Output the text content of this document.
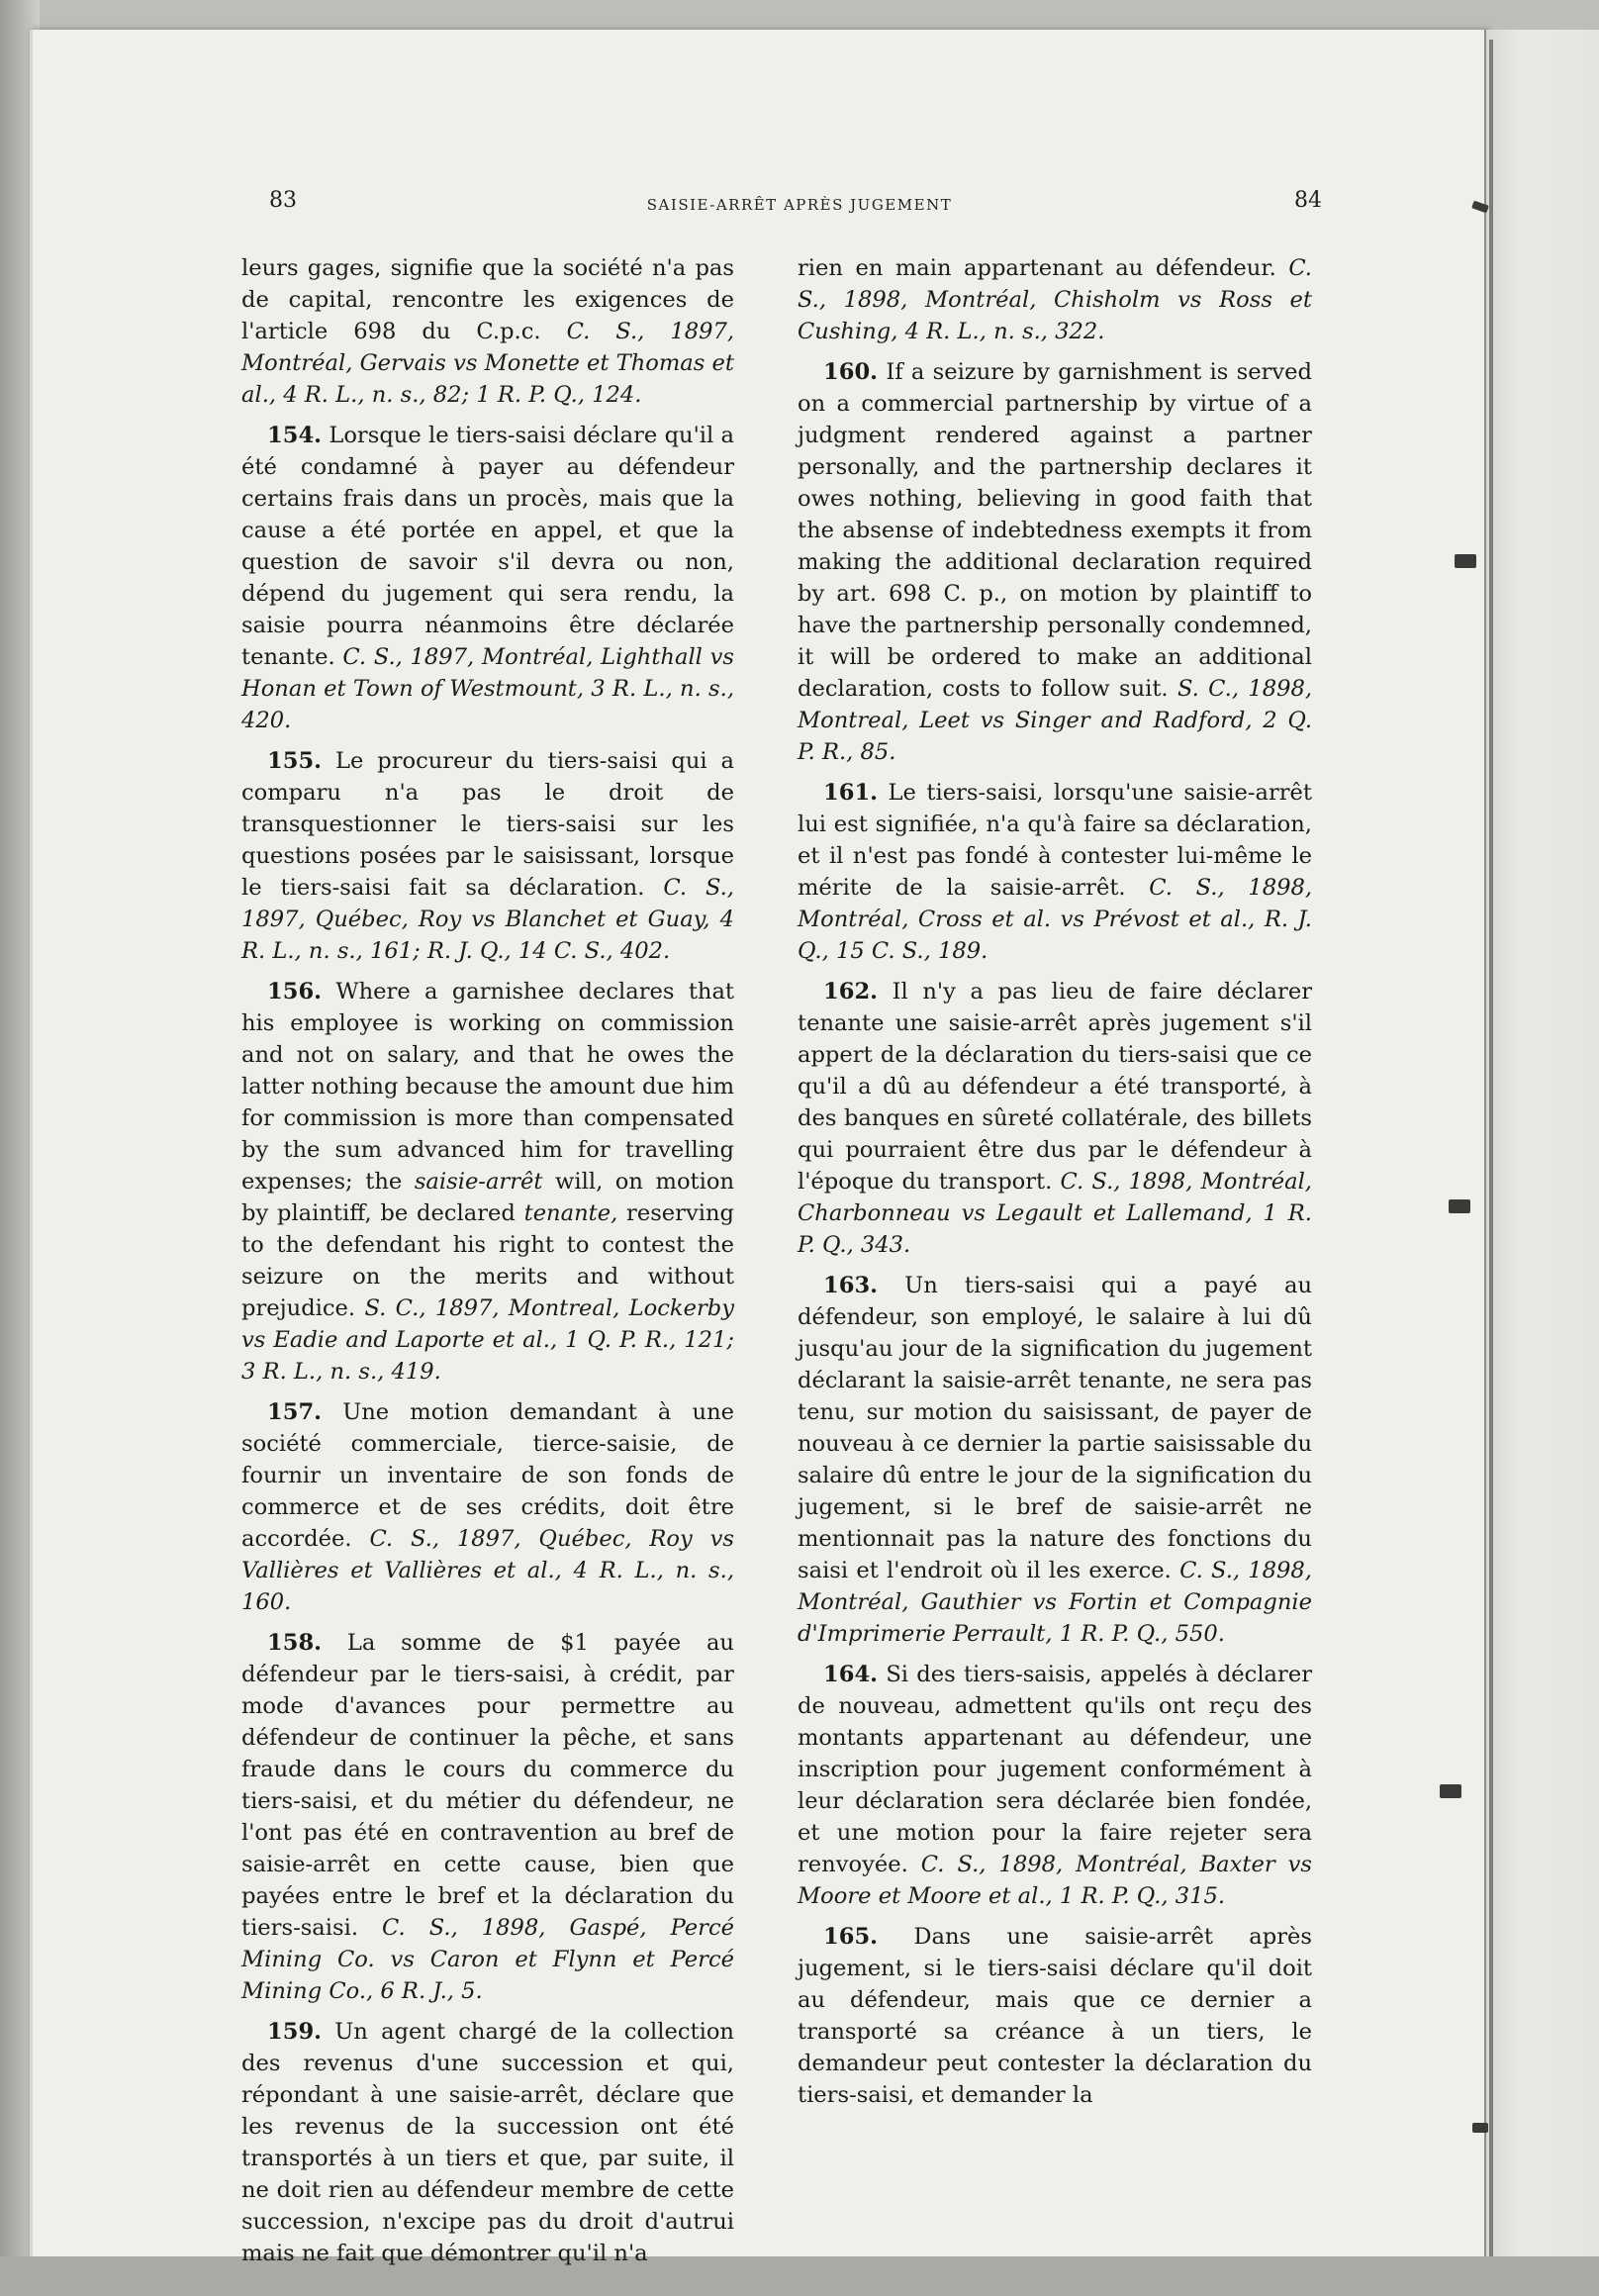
83	SAISIE-ARRÊT APRÈS JUGEMENT	84

leurs gages, signifie que la société n'a pas de capital, rencontre les exigences de l'article 698 du C.p.c. C. S., 1897, Montréal, Gervais vs Monette et Thomas et al., 4 R. L., n. s., 82; 1 R. P. Q., 124.

154. Lorsque le tiers-saisi déclare qu'il a été condamné à payer au défendeur certains frais dans un procès, mais que la cause a été portée en appel, et que la question de savoir s'il devra ou non, dépend du jugement qui sera rendu, la saisie pourra néanmoins être déclarée tenante. C. S., 1897, Montréal, Lighthall vs Honan et Town of Westmount, 3 R. L., n. s., 420.

155. Le procureur du tiers-saisi qui a comparu n'a pas le droit de transquestionner le tiers-saisi sur les questions posées par le saisissant, lorsque le tiers-saisi fait sa déclaration. C. S., 1897, Québec, Roy vs Blanchet et Guay, 4 R. L., n. s., 161; R. J. Q., 14 C. S., 402.

156. Where a garnishee declares that his employee is working on commission and not on salary, and that he owes the latter nothing because the amount due him for commission is more than compensated by the sum advanced him for travelling expenses; the saisie-arrêt will, on motion by plaintiff, be declared tenante, reserving to the defendant his right to contest the seizure on the merits and without prejudice. S. C., 1897, Montreal, Lockerby vs Eadie and Laporte et al., 1 Q. P. R., 121; 3 R. L., n. s., 419.

157. Une motion demandant à une société commerciale, tierce-saisie, de fournir un inventaire de son fonds de commerce et de ses crédits, doit être accordée. C. S., 1897, Québec, Roy vs Vallières et Vallières et al., 4 R. L., n. s., 160.

158. La somme de $1 payée au défendeur par le tiers-saisi, à crédit, par mode d'avances pour permettre au défendeur de continuer la pêche, et sans fraude dans le cours du commerce du tiers-saisi, et du métier du défendeur, ne l'ont pas été en contravention au bref de saisie-arrêt en cette cause, bien que payées entre le bref et la déclaration du tiers-saisi. C. S., 1898, Gaspé, Percé Mining Co. vs Caron et Flynn et Percé Mining Co., 6 R. J., 5.

159. Un agent chargé de la collection des revenus d'une succession et qui, répondant à une saisie-arrêt, déclare que les revenus de la succession ont été transportés à un tiers et que, par suite, il ne doit rien au défendeur membre de cette succession, n'excipe pas du droit d'autrui mais ne fait que démontrer qu'il n'a

rien en main appartenant au défendeur. C. S., 1898, Montréal, Chisholm vs Ross et Cushing, 4 R. L., n. s., 322.

160. If a seizure by garnishment is served on a commercial partnership by virtue of a judgment rendered against a partner personally, and the partnership declares it owes nothing, believing in good faith that the absense of indebtedness exempts it from making the additional declaration required by art. 698 C. p., on motion by plaintiff to have the partnership personally condemned, it will be ordered to make an additional declaration, costs to follow suit. S. C., 1898, Montreal, Leet vs Singer and Radford, 2 Q. P. R., 85.

161. Le tiers-saisi, lorsqu'une saisie-arrêt lui est signifiée, n'a qu'à faire sa déclaration, et il n'est pas fondé à contester lui-même le mérite de la saisie-arrêt. C. S., 1898, Montréal, Cross et al. vs Prévost et al., R. J. Q., 15 C. S., 189.

162. Il n'y a pas lieu de faire déclarer tenante une saisie-arrêt après jugement s'il appert de la déclaration du tiers-saisi que ce qu'il a dû au défendeur a été transporté, à des banques en sûreté collatérale, des billets qui pourraient être dus par le défendeur à l'époque du transport. C. S., 1898, Montréal, Charbonneau vs Legault et Lallemand, 1 R. P. Q., 343.

163. Un tiers-saisi qui a payé au défendeur, son employé, le salaire à lui dû jusqu'au jour de la signification du jugement déclarant la saisie-arrêt tenante, ne sera pas tenu, sur motion du saisissant, de payer de nouveau à ce dernier la partie saisissable du salaire dû entre le jour de la signification du jugement, si le bref de saisie-arrêt ne mentionnait pas la nature des fonctions du saisi et l'endroit où il les exerce. C. S., 1898, Montréal, Gauthier vs Fortin et Compagnie d'Imprimerie Perrault, 1 R. P. Q., 550.

164. Si des tiers-saisis, appelés à déclarer de nouveau, admettent qu'ils ont reçu des montants appartenant au défendeur, une inscription pour jugement conformément à leur déclaration sera déclarée bien fondée, et une motion pour la faire rejeter sera renvoyée. C. S., 1898, Montréal, Baxter vs Moore et Moore et al., 1 R. P. Q., 315.

165. Dans une saisie-arrêt après jugement, si le tiers-saisi déclare qu'il doit au défendeur, mais que ce dernier a transporté sa créance à un tiers, le demandeur peut contester la déclaration du tiers-saisi, et demander la
